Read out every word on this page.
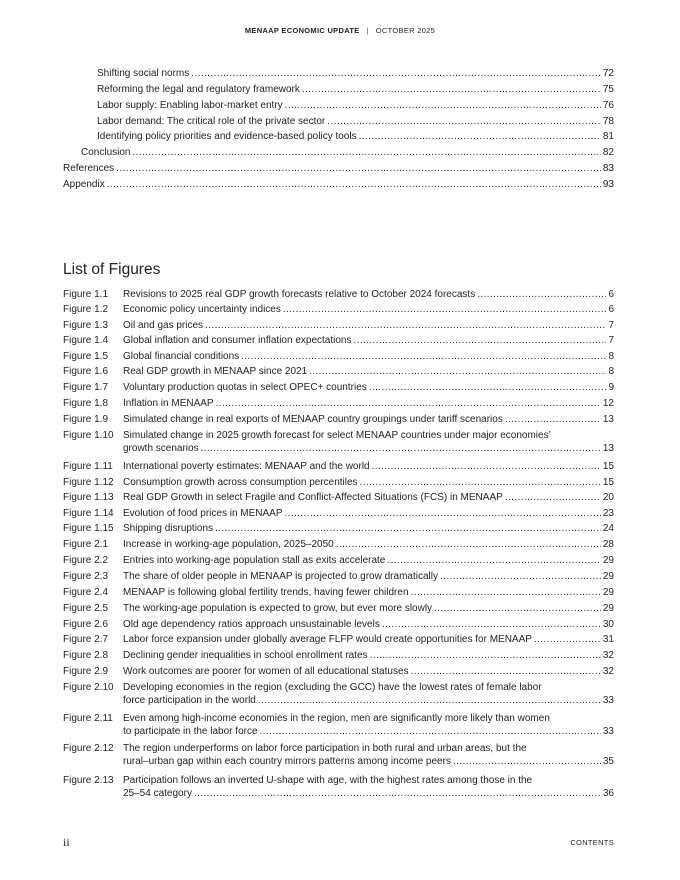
MENAAP ECONOMIC UPDATE | OCTOBER 2025
Shifting social norms .....	72
Reforming the legal and regulatory framework .....	75
Labor supply: Enabling labor-market entry .....	76
Labor demand: The critical role of the private sector .....	78
Identifying policy priorities and evidence-based policy tools .....	81
Conclusion .....	82
References .....	83
Appendix .....	93
List of Figures
Figure 1.1 Revisions to 2025 real GDP growth forecasts relative to October 2024 forecasts .....	6
Figure 1.2 Economic policy uncertainty indices .....	6
Figure 1.3 Oil and gas prices .....	7
Figure 1.4 Global inflation and consumer inflation expectations .....	7
Figure 1.5 Global financial conditions .....	8
Figure 1.6 Real GDP growth in MENAAP since 2021 .....	8
Figure 1.7 Voluntary production quotas in select OPEC+ countries .....	9
Figure 1.8 Inflation in MENAAP .....	12
Figure 1.9 Simulated change in real exports of MENAAP country groupings under tariff scenarios .....	13
Figure 1.10 Simulated change in 2025 growth forecast for select MENAAP countries under major economies’
growth scenarios .....	13
Figure 1.11 International poverty estimates: MENAAP and the world .....	15
Figure 1.12 Consumption growth across consumption percentiles .....	15
Figure 1.13 Real GDP Growth in select Fragile and Conflict-Affected Situations (FCS) in MENAAP .....	20
Figure 1.14 Evolution of food prices in MENAAP .....	23
Figure 1.15 Shipping disruptions .....	24
Figure 2.1 Increase in working-age population, 2025–2050 .....	28
Figure 2.2 Entries into working-age population stall as exits accelerate .....	29
Figure 2.3 The share of older people in MENAAP is projected to grow dramatically .....	29
Figure 2.4 MENAAP is following global fertility trends, having fewer children .....	29
Figure 2.5 The working-age population is expected to grow, but ever more slowly .....	29
Figure 2.6 Old age dependency ratios approach unsustainable levels .....	30
Figure 2.7 Labor force expansion under globally average FLFP would create opportunities for MENAAP .....	31
Figure 2.8 Declining gender inequalities in school enrollment rates .....	32
Figure 2.9 Work outcomes are poorer for women of all educational statuses .....	32
Figure 2.10 Developing economies in the region (excluding the GCC) have the lowest rates of female labor
force participation in the world .....	33
Figure 2.11 Even among high-income economies in the region, men are significantly more likely than women
to participate in the labor force .....	33
Figure 2.12 The region underperforms on labor force participation in both rural and urban areas, but the
rural–urban gap within each country mirrors patterns among income peers .....	35
Figure 2.13 Participation follows an inverted U-shape with age, with the highest rates among those in the
25–54 category .....	36
ii	CONTENTS
